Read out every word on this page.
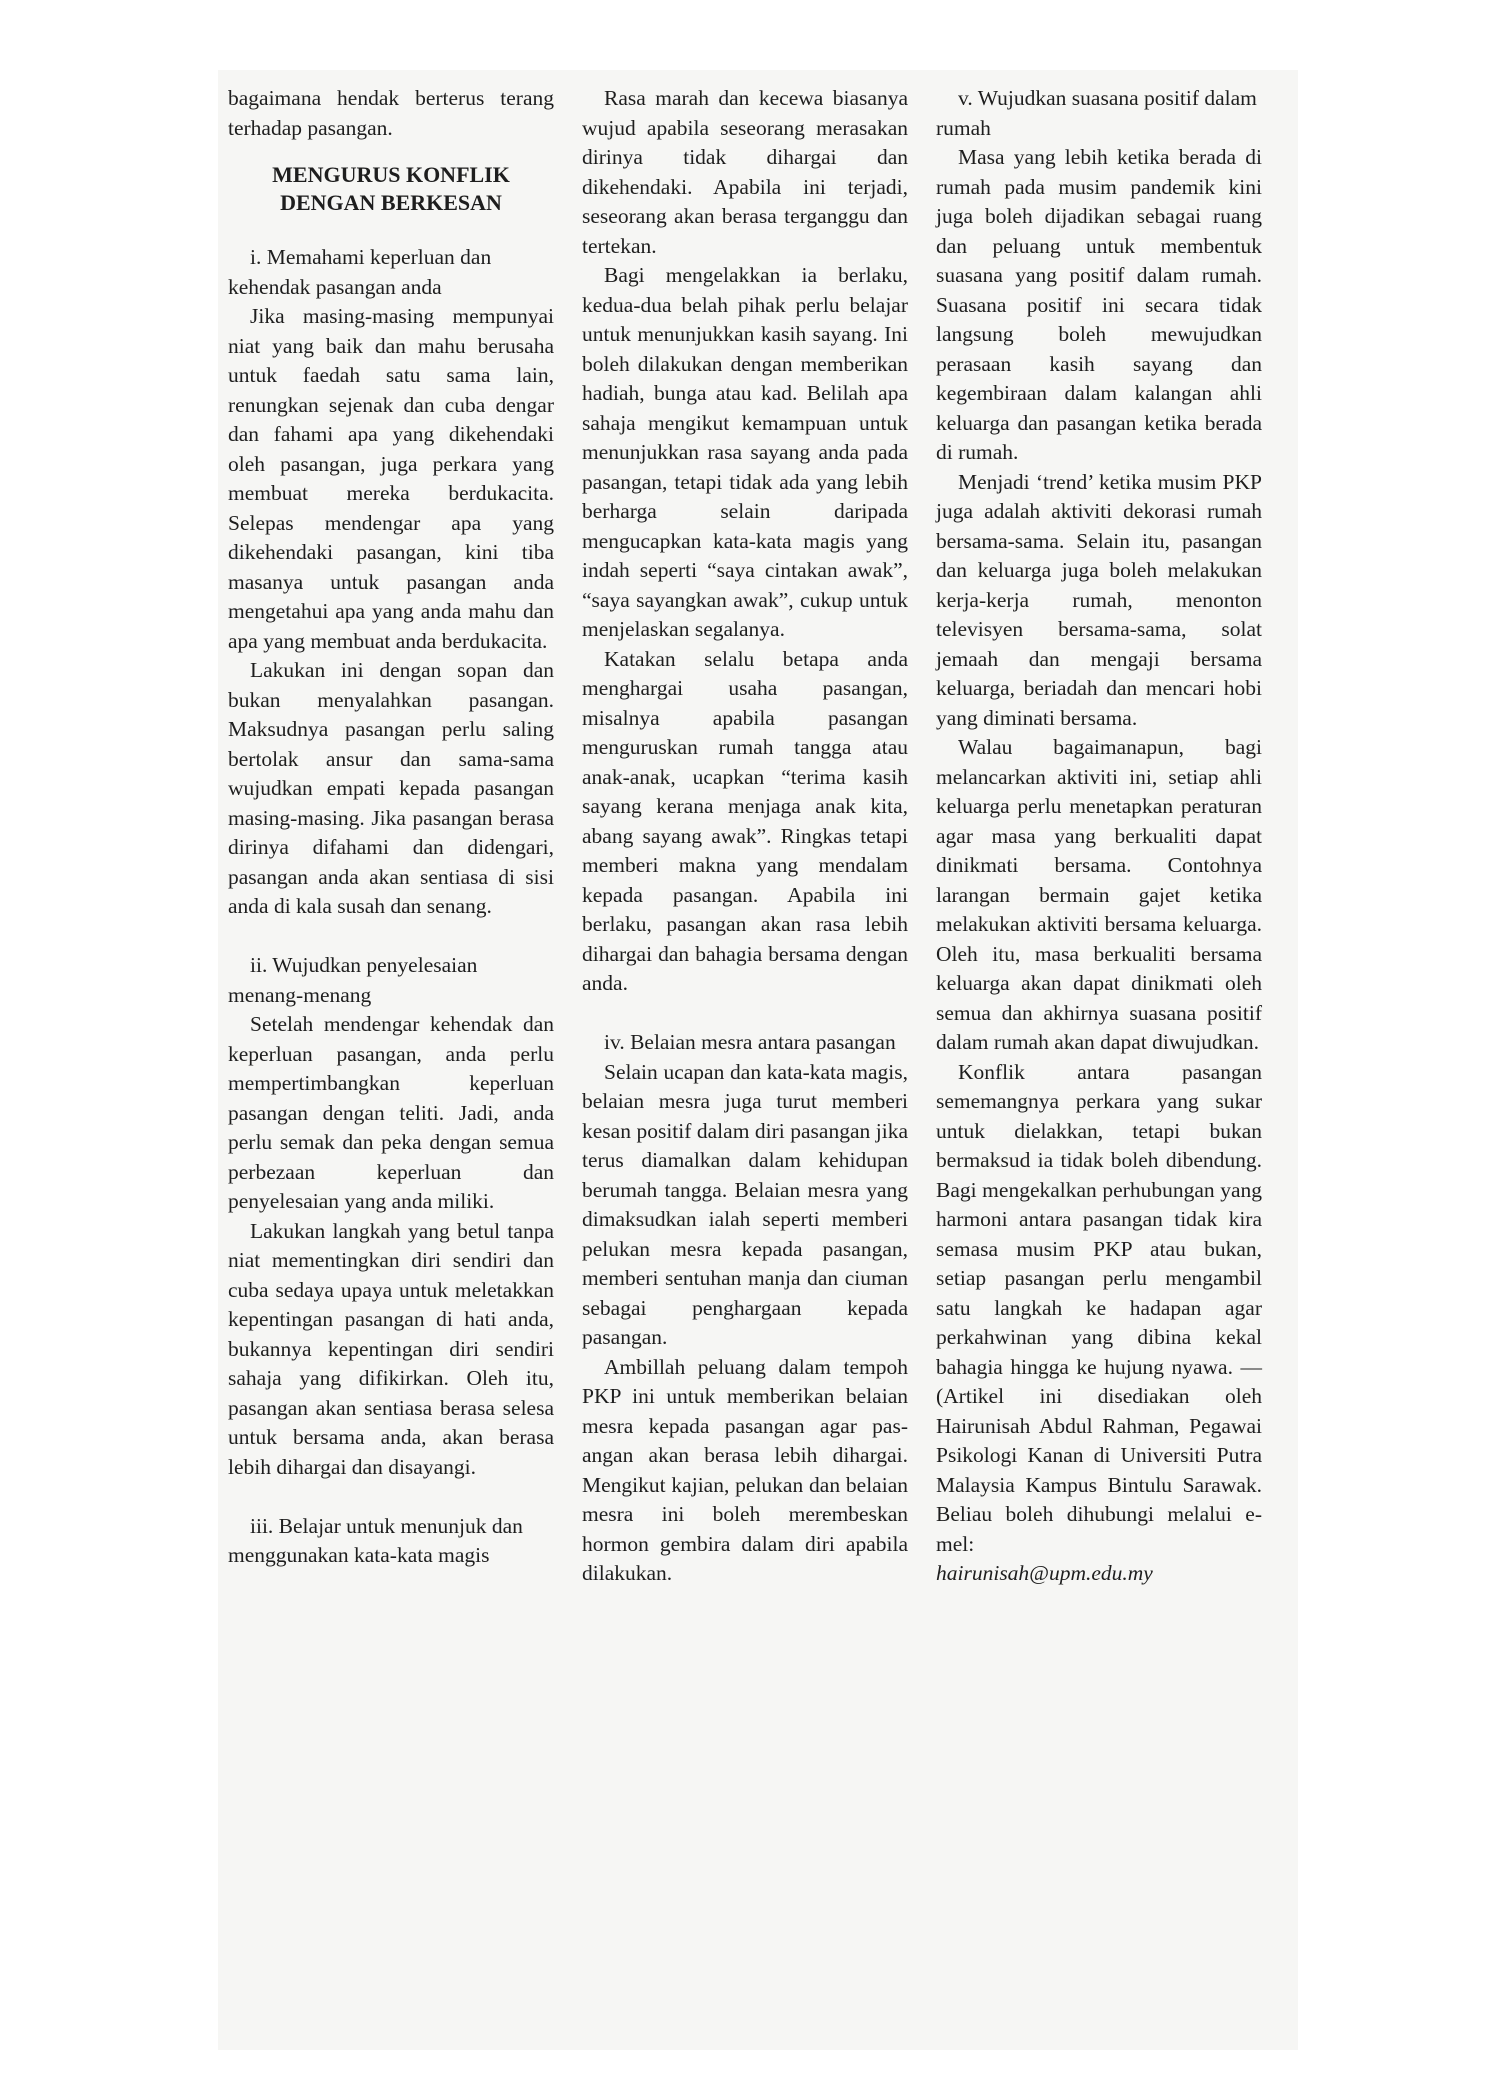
bagaimana hendak berterus terang terhadap pasangan.

MENGURUS KONFLIK DENGAN BERKESAN

i. Memahami keperluan dan kehendak pasangan anda

Jika masing-masing mempunyai niat yang baik dan mahu berusaha untuk faedah satu sama lain, renungkan sejenak dan cuba dengar dan fahami apa yang dikehendaki oleh pasangan, juga perkara yang membuat mereka berdukacita. Selepas mendengar apa yang dikehendaki pasangan, kini tiba masanya untuk pasangan anda mengetahui apa yang anda mahu dan apa yang membuat anda berdukacita.

Lakukan ini dengan sopan dan bukan menyalahkan pasangan. Maksudnya pasangan perlu saling bertolak ansur dan sama-sama wujudkan empati kepada pasangan masing-masing. Jika pasangan berasa dirinya difahami dan didengari, pasangan anda akan sentiasa di sisi anda di kala susah dan senang.

ii. Wujudkan penyelesaian menang-menang

Setelah mendengar kehendak dan keperluan pasangan, anda perlu mempertimbangkan keperluan pasangan dengan teliti. Jadi, anda perlu semak dan peka dengan semua perbezaan keperluan dan penyelesaian yang anda miliki.

Lakukan langkah yang betul tanpa niat mementingkan diri sendiri dan cuba sedaya upaya untuk meletakkan kepentingan pasangan di hati anda, bukannya kepentingan diri sendiri sahaja yang difikirkan. Oleh itu, pasangan akan sentiasa berasa selesa untuk bersama anda, akan berasa lebih dihargai dan disayangi.

iii. Belajar untuk menunjuk dan menggunakan kata-kata magis

Rasa marah dan kecewa biasanya wujud apabila seseorang merasakan dirinya tidak dihargai dan dikehendaki. Apabila ini terjadi, seseorang akan berasa terganggu dan tertekan.

Bagi mengelakkan ia berlaku, kedua-dua belah pihak perlu belajar untuk menunjukkan kasih sayang. Ini boleh dilakukan dengan memberikan hadiah, bunga atau kad. Belilah apa sahaja mengikut kemampuan untuk menunjukkan rasa sayang anda pada pasangan, tetapi tidak ada yang lebih berharga selain daripada mengucapkan kata-kata magis yang indah seperti “saya cintakan awak”, “saya sayangkan awak”, cukup untuk menjelaskan segalanya.

Katakan selalu betapa anda menghargai usaha pasangan, misalnya apabila pasangan menguruskan rumah tangga atau anak-anak, ucapkan “terima kasih sayang kerana menjaga anak kita, abang sayang awak”. Ringkas tetapi memberi makna yang mendalam kepada pasangan. Apabila ini berlaku, pasangan akan rasa lebih dihargai dan bahagia bersama dengan anda.

iv. Belaian mesra antara pasangan

Selain ucapan dan kata-kata magis, belaian mesra juga turut memberi kesan positif dalam diri pasangan jika terus diamalkan dalam kehidupan berumah tangga. Belaian mesra yang dimaksudkan ialah seperti memberi pelukan mesra kepada pasangan, memberi sentuhan manja dan ciuman sebagai penghargaan kepada pasangan.

Ambillah peluang dalam tempoh PKP ini untuk memberikan belaian mesra kepada pasangan agar pasangan akan berasa lebih dihargai. Mengikut kajian, pelukan dan belaian mesra ini boleh merembeskan hormon gembira dalam diri apabila dilakukan.

v. Wujudkan suasana positif dalam rumah

Masa yang lebih ketika berada di rumah pada musim pandemik kini juga boleh dijadikan sebagai ruang dan peluang untuk membentuk suasana yang positif dalam rumah. Suasana positif ini secara tidak langsung boleh mewujudkan perasaan kasih sayang dan kegembiraan dalam kalangan ahli keluarga dan pasangan ketika berada di rumah.

Menjadi ‘trend’ ketika musim PKP juga adalah aktiviti dekorasi rumah bersama-sama. Selain itu, pasangan dan keluarga juga boleh melakukan kerja-kerja rumah, menonton televisyen bersama-sama, solat jemaah dan mengaji bersama keluarga, beriadah dan mencari hobi yang diminati bersama.

Walau bagaimanapun, bagi melancarkan aktiviti ini, setiap ahli keluarga perlu menetapkan peraturan agar masa yang berkualiti dapat dinikmati bersama. Contohnya larangan bermain gajet ketika melakukan aktiviti bersama keluarga. Oleh itu, masa berkualiti bersama keluarga akan dapat dinikmati oleh semua dan akhirnya suasana positif dalam rumah akan dapat diwujudkan.

Konflik antara pasangan sememangnya perkara yang sukar untuk dielakkan, tetapi bukan bermaksud ia tidak boleh dibendung. Bagi mengekalkan perhubungan yang harmoni antara pasangan tidak kira semasa musim PKP atau bukan, setiap pasangan perlu mengambil satu langkah ke hadapan agar perkahwinan yang dibina kekal bahagia hingga ke hujung nyawa. — (Artikel ini disediakan oleh Hairunisah Abdul Rahman, Pegawai Psikologi Kanan di Universiti Putra Malaysia Kampus Bintulu Sarawak. Beliau boleh dihubungi melalui e-mel:

hairunisah@upm.edu.my
